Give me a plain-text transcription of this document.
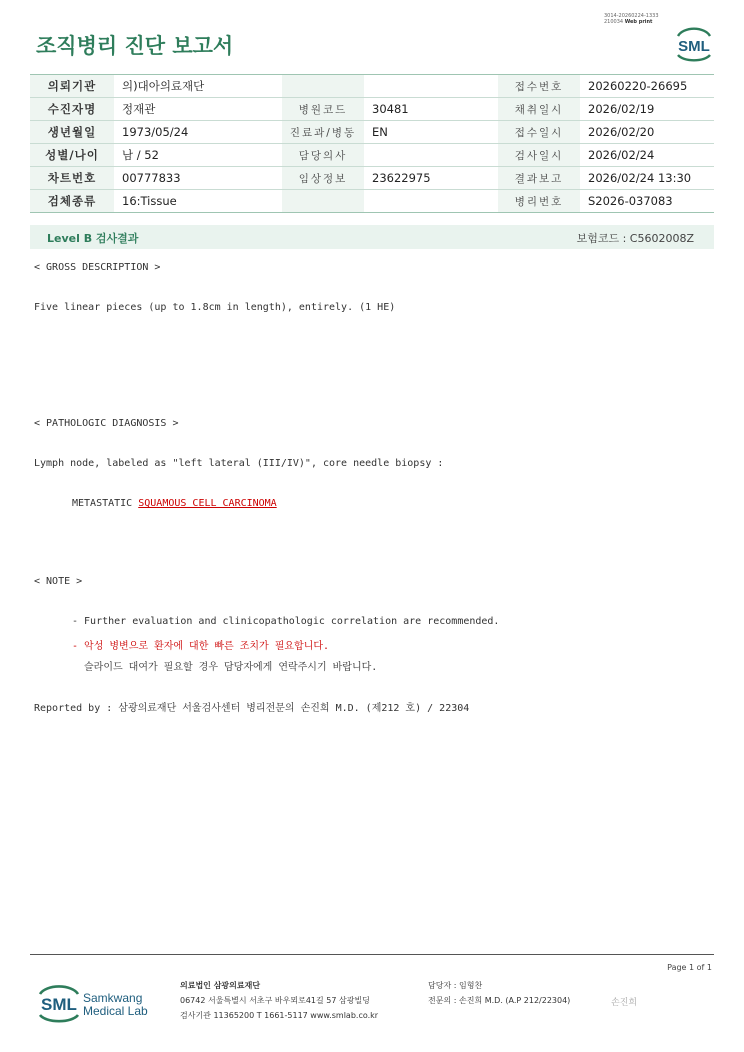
조직병리 진단 보고서
3014-20260224-1333
210034 Web print
SML
의뢰기관	의)대아의료재단			접수번호	20260220-26695
수진자명	정재관	병원코드	30481	채취일시	2026/02/19
생년월일	1973/05/24	진료과/병동	EN	접수일시	2026/02/20
성별/나이	남 / 52	담당의사		검사일시	2026/02/24
차트번호	00777833	임상정보	23622975	결과보고	2026/02/24 13:30
검체종류	16:Tissue			병리번호	S2026-037083
Level B 검사결과	보험코드 : C5602008Z
< GROSS DESCRIPTION >
Five linear pieces (up to 1.8cm in length), entirely. (1 HE)
< PATHOLOGIC DIAGNOSIS >
Lymph node, labeled as "left lateral (III/IV)", core needle biopsy :
METASTATIC SQUAMOUS CELL CARCINOMA
< NOTE >
- Further evaluation and clinicopathologic correlation are recommended.
- 악성 병변으로 환자에 대한 빠른 조치가 필요합니다.
슬라이드 대여가 필요할 경우 담당자에게 연락주시기 바랍니다.
Reported by : 삼광의료재단 서울검사센터 병리전문의 손진희 M.D. (제212 호) / 22304
Page 1 of 1
SML Samkwang
Medical Lab
의료법인 삼광의료재단
06742 서울특별시 서초구 바우뫼로41길 57 삼광빌딩
검사기관 11365200 T 1661-5117 www.smlab.co.kr
담당자 : 임형찬
전문의 : 손진희 M.D. (A.P 212/22304)	손진희
